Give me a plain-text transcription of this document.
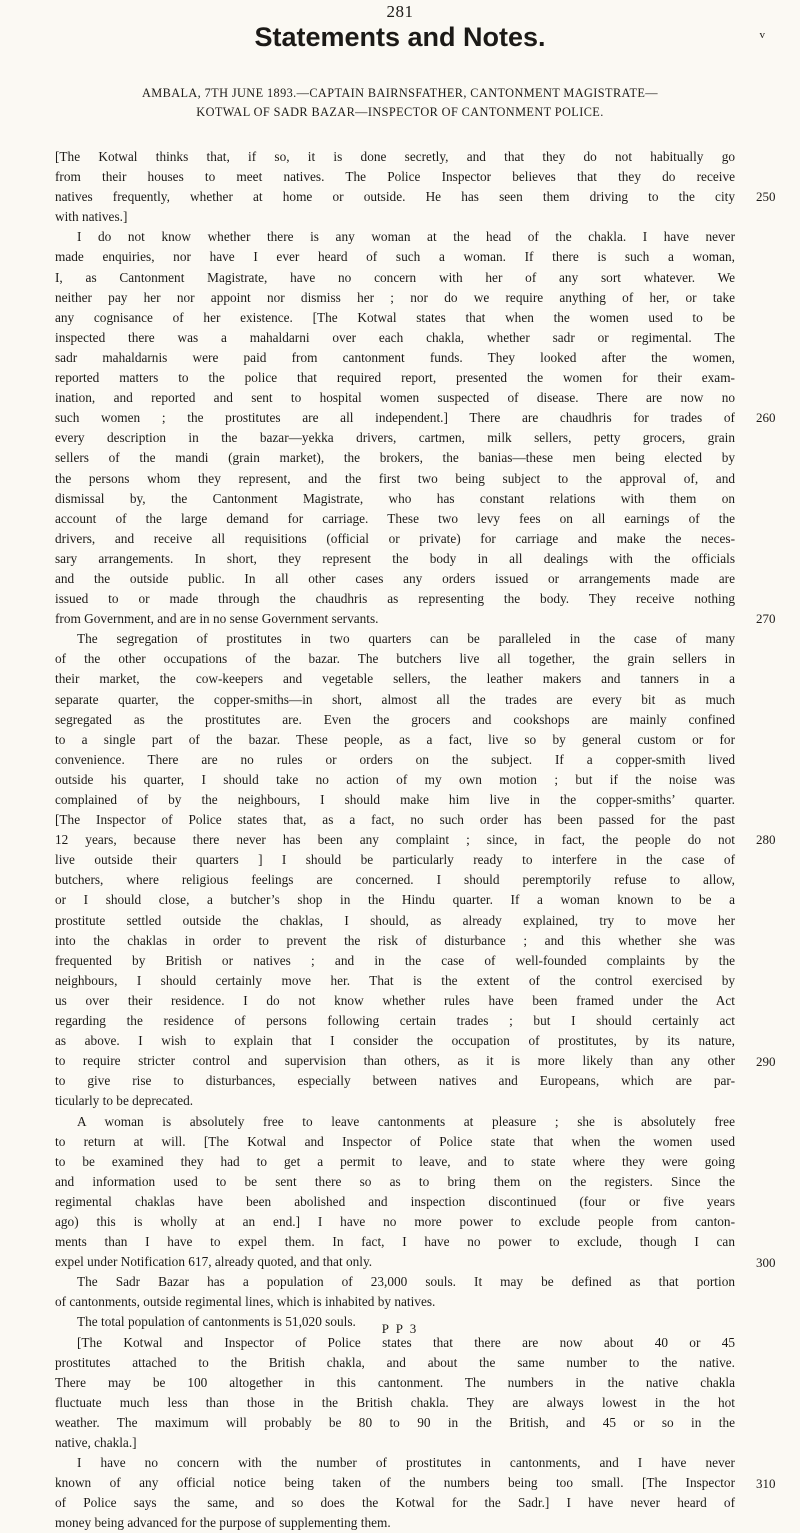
281
Statements and Notes.	v
AMBALA, 7TH JUNE 1893.—CAPTAIN BAIRNSFATHER, CANTONMENT MAGISTRATE—
KOTWAL OF SADR BAZAR—INSPECTOR OF CANTONMENT POLICE.
[The Kotwal thinks that, if so, it is done secretly, and that they do not habitually go
from their houses to meet natives. The Police Inspector believes that they do receive
natives frequently, whether at home or outside. He has seen them driving to the city
with natives.]
I do not know whether there is any woman at the head of the chakla. I have never
made enquiries, nor have I ever heard of such a woman. If there is such a woman,
I, as Cantonment Magistrate, have no concern with her of any sort whatever. We
neither pay her nor appoint nor dismiss her ; nor do we require anything of her, or take
any cognisance of her existence. [The Kotwal states that when the women used to be
inspected there was a mahaldarni over each chakla, whether sadr or regimental. The
sadr mahaldarnis were paid from cantonment funds. They looked after the women,
reported matters to the police that required report, presented the women for their exam-
ination, and reported and sent to hospital women suspected of disease. There are now no
such women ; the prostitutes are all independent.] There are chaudhris for trades of
every description in the bazar—yekka drivers, cartmen, milk sellers, petty grocers, grain
sellers of the mandi (grain market), the brokers, the banias—these men being elected by
the persons whom they represent, and the first two being subject to the approval of, and
dismissal by, the Cantonment Magistrate, who has constant relations with them on
account of the large demand for carriage. These two levy fees on all earnings of the
drivers, and receive all requisitions (official or private) for carriage and make the neces-
sary arrangements. In short, they represent the body in all dealings with the officials
and the outside public. In all other cases any orders issued or arrangements made are
issued to or made through the chaudhris as representing the body. They receive nothing
from Government, and are in no sense Government servants.
The segregation of prostitutes in two quarters can be paralleled in the case of many
of the other occupations of the bazar. The butchers live all together, the grain sellers in
their market, the cow-keepers and vegetable sellers, the leather makers and tanners in a
separate quarter, the copper-smiths—in short, almost all the trades are every bit as much
segregated as the prostitutes are. Even the grocers and cookshops are mainly confined
to a single part of the bazar. These people, as a fact, live so by general custom or for
convenience. There are no rules or orders on the subject. If a copper-smith lived
outside his quarter, I should take no action of my own motion ; but if the noise was
complained of by the neighbours, I should make him live in the copper-smiths’ quarter.
[The Inspector of Police states that, as a fact, no such order has been passed for the past
12 years, because there never has been any complaint ; since, in fact, the people do not
live outside their quarters ] I should be particularly ready to interfere in the case of
butchers, where religious feelings are concerned. I should peremptorily refuse to allow,
or I should close, a butcher’s shop in the Hindu quarter. If a woman known to be a
prostitute settled outside the chaklas, I should, as already explained, try to move her
into the chaklas in order to prevent the risk of disturbance ; and this whether she was
frequented by British or natives ; and in the case of well-founded complaints by the
neighbours, I should certainly move her. That is the extent of the control exercised by
us over their residence. I do not know whether rules have been framed under the Act
regarding the residence of persons following certain trades ; but I should certainly act
as above. I wish to explain that I consider the occupation of prostitutes, by its nature,
to require stricter control and supervision than others, as it is more likely than any other
to give rise to disturbances, especially between natives and Europeans, which are par-
ticularly to be deprecated.
A woman is absolutely free to leave cantonments at pleasure ; she is absolutely free
to return at will. [The Kotwal and Inspector of Police state that when the women used
to be examined they had to get a permit to leave, and to state where they were going
and information used to be sent there so as to bring them on the registers. Since the
regimental chaklas have been abolished and inspection discontinued (four or five years
ago) this is wholly at an end.] I have no more power to exclude people from canton-
ments than I have to expel them. In fact, I have no power to exclude, though I can
expel under Notification 617, already quoted, and that only.
The Sadr Bazar has a population of 23,000 souls. It may be defined as that portion
of cantonments, outside regimental lines, which is inhabited by natives.
The total population of cantonments is 51,020 souls.
[The Kotwal and Inspector of Police states that there are now about 40 or 45
prostitutes attached to the British chakla, and about the same number to the native.
There may be 100 altogether in this cantonment. The numbers in the native chakla
fluctuate much less than those in the British chakla. They are always lowest in the hot
weather. The maximum will probably be 80 to 90 in the British, and 45 or so in the
native, chakla.]
I have no concern with the number of prostitutes in cantonments, and I have never
known of any official notice being taken of the numbers being too small. [The Inspector
of Police says the same, and so does the Kotwal for the Sadr.] I have never heard of
money being advanced for the purpose of supplementing them.
250
260
270
280
290
300
310
P P 3
